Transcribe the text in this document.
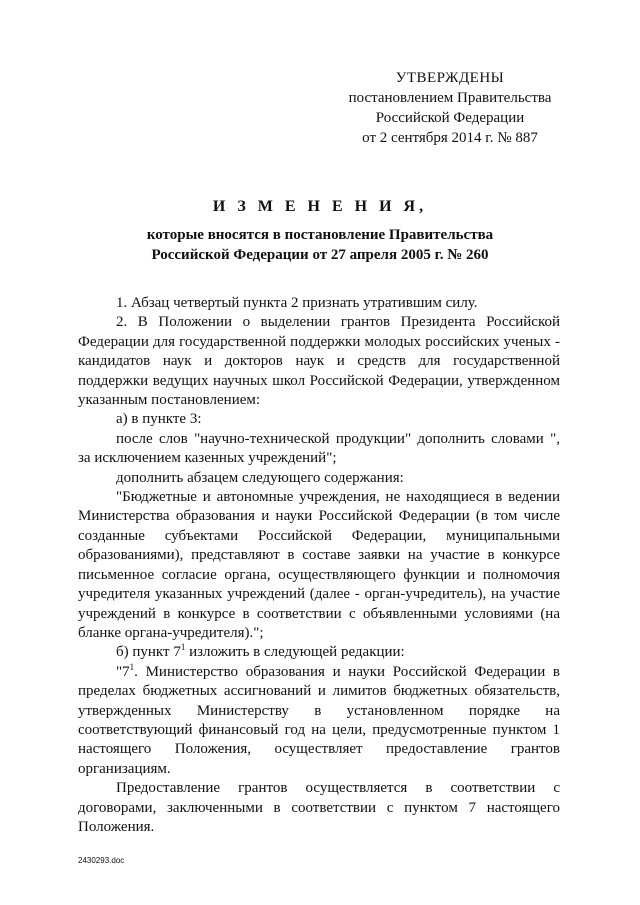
УТВЕРЖДЕНЫ
постановлением Правительства
Российской Федерации
от 2 сентября 2014 г. № 887
И З М Е Н Е Н И Я,
которые вносятся в постановление Правительства
Российской Федерации от 27 апреля 2005 г. № 260

1. Абзац четвертый пункта 2 признать утратившим силу.

2. В Положении о выделении грантов Президента Российской Федерации для государственной поддержки молодых российских ученых - кандидатов наук и докторов наук и средств для государственной поддержки ведущих научных школ Российской Федерации, утвержденном указанным постановлением:

а) в пункте 3:

после слов "научно-технической продукции" дополнить словами ", за исключением казенных учреждений";

дополнить абзацем следующего содержания:

"Бюджетные и автономные учреждения, не находящиеся в ведении Министерства образования и науки Российской Федерации (в том числе созданные субъектами Российской Федерации, муниципальными образованиями), представляют в составе заявки на участие в конкурсе письменное согласие органа, осуществляющего функции и полномочия учредителя указанных учреждений (далее - орган-учредитель), на участие учреждений в конкурсе в соответствии с объявленными условиями (на бланке органа-учредителя).";

б) пункт $7^1$ изложить в следующей редакции:

"$7^1$. Министерство образования и науки Российской Федерации в пределах бюджетных ассигнований и лимитов бюджетных обязательств, утвержденных Министерству в установленном порядке на соответствующий финансовый год на цели, предусмотренные пунктом 1 настоящего Положения, осуществляет предоставление грантов организациям.

Предоставление грантов осуществляется в соответствии с договорами, заключенными в соответствии с пунктом 7 настоящего Положения.

2430293.doc
